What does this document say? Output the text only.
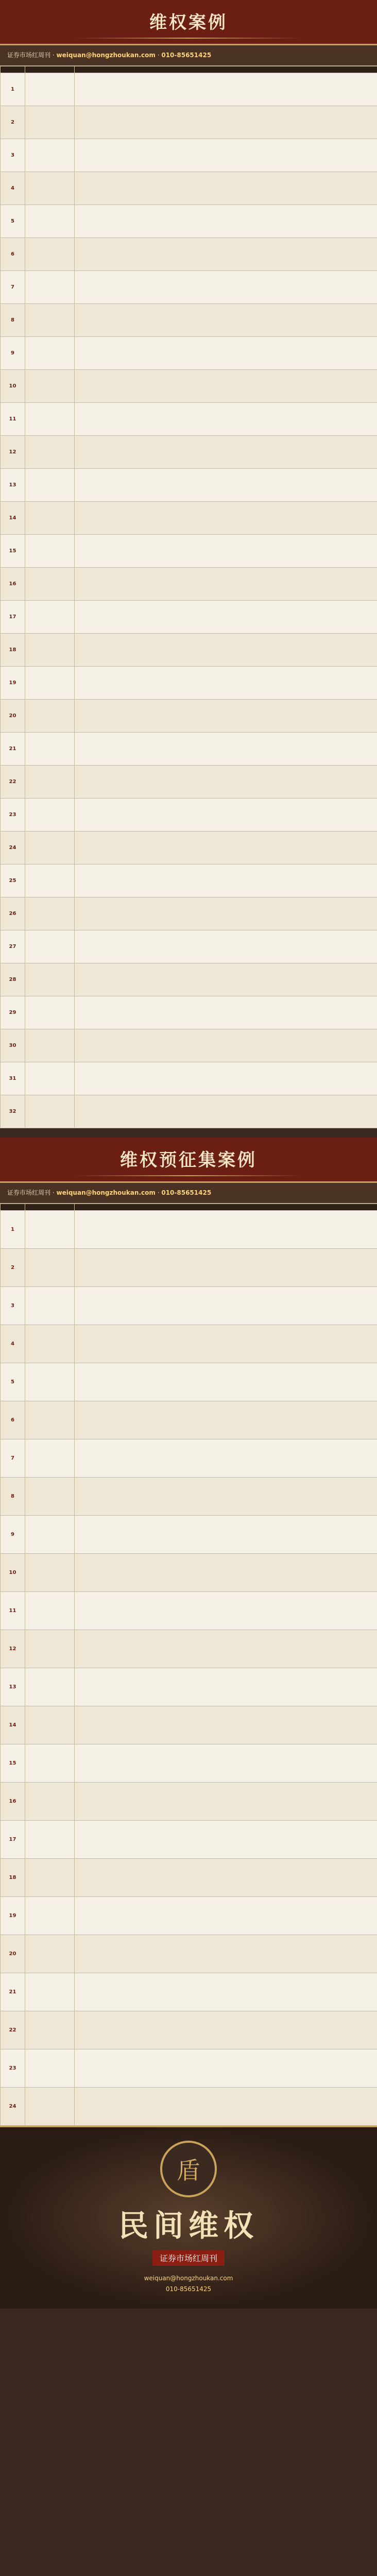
维权案例
证券市场红周刊 · weiquan@hongzhoukan.com · 010-85651425

1		
2		
3		
4		
5		
6		
7		
8		
9		
10		
11		
12		
13		
14		
15		
16		
17		
18		
19		
20		
21		
22		
23		
24		
25		
26		
27		
28		
29		
30		
31		
32		
维权预征集案例
证券市场红周刊 · weiquan@hongzhoukan.com · 010-85651425

1		
2		
3		
4		
5		
6		
7		
8		
9		
10		
11		
12		
13		
14		
15		
16		
17		
18		
19		
20		
21		
22		
23		
24		
盾
民间维权
证券市场红周刊
weiquan@hongzhoukan.com
010-85651425
